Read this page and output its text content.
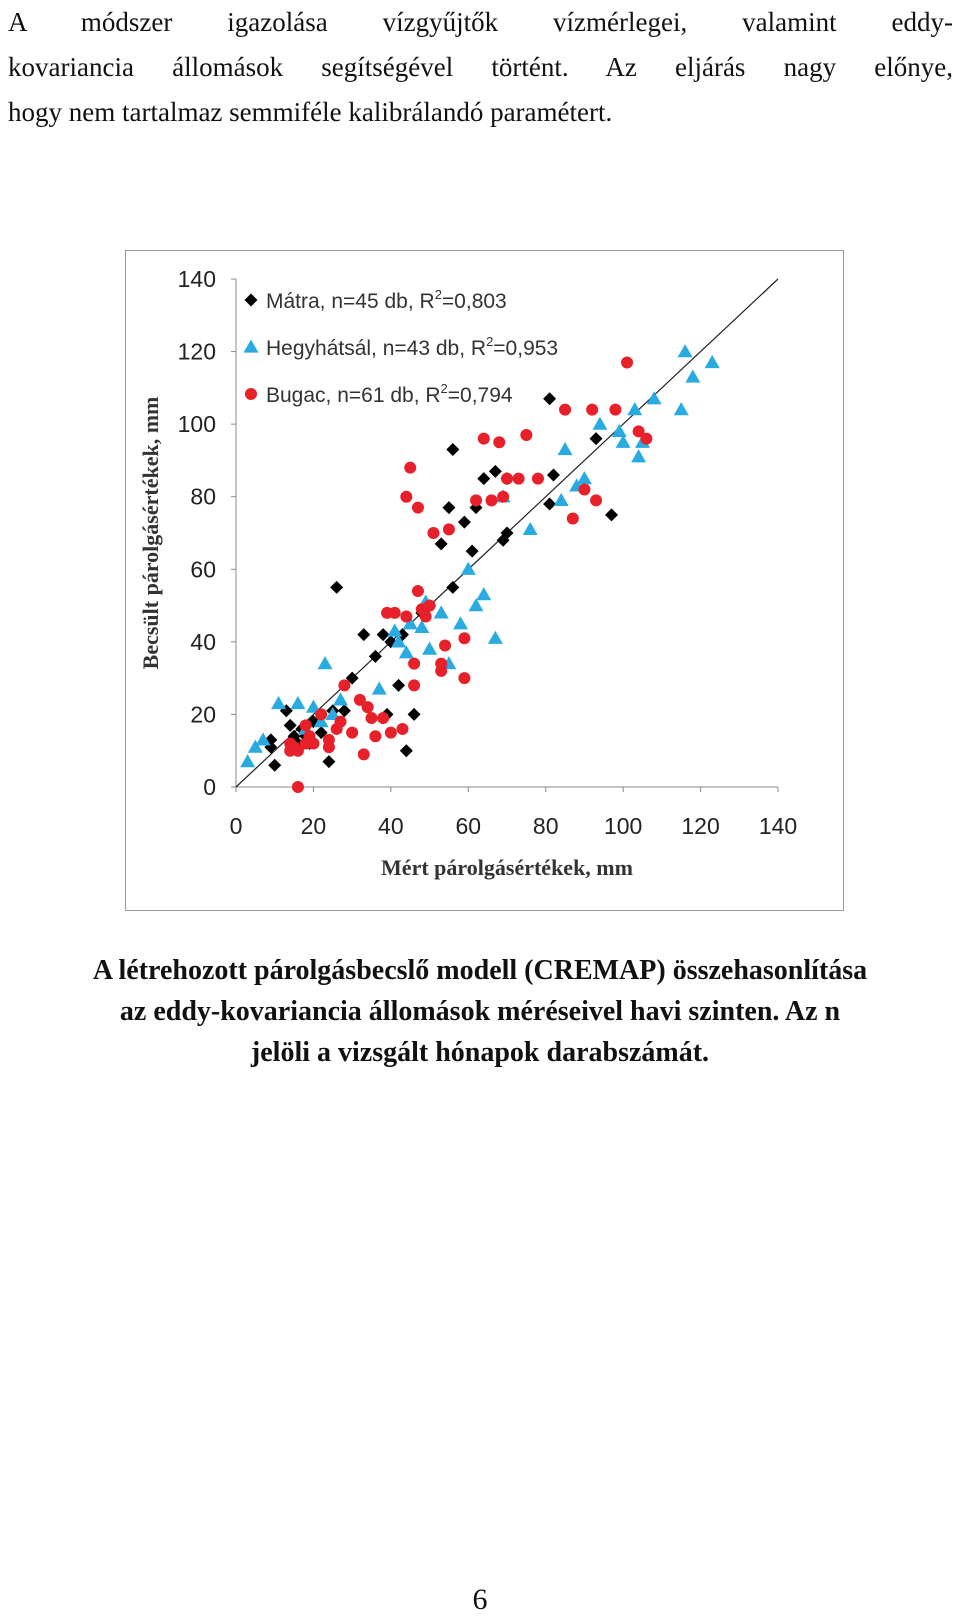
A módszer igazolása vízgyűjtők vízmérlegei, valamint eddy-
kovariancia állomások segítségével történt. Az eljárás nagy előnye,
hogy nem tartalmaz semmiféle kalibrálandó paramétert.
0
20
40
60
80
100
120
140
0	20 40 60 80 100 120 140
Mért párolgásértékek, mm
Becsült párolgásértékek, mm
Mátra, n=45 db, $R^2=0,803$
Hegyhátsál, n=43 db, $R^2=0,953$
Bugac, n=61 db, $R^2=0,794$
A létrehozott párolgásbecslő modell (CREMAP) összehasonlítása
az eddy-kovariancia állomások méréseivel havi szinten. Az n
jelöli a vizsgált hónapok darabszámát.
6
